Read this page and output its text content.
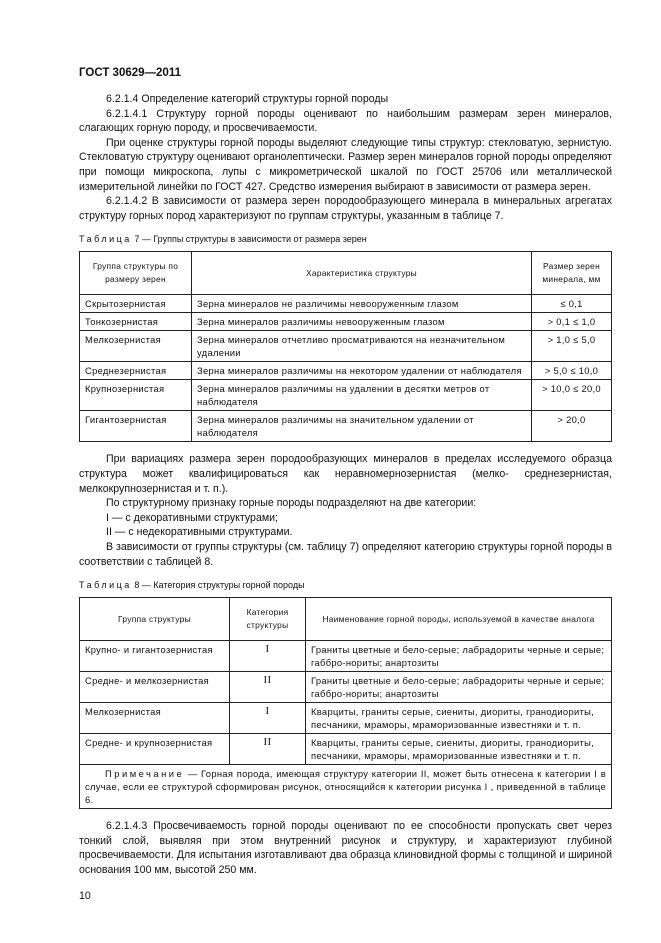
ГОСТ 30629—2011

6.2.1.4 Определение категорий структуры горной породы

6.2.1.4.1 Структуру горной породы оценивают по наибольшим размерам зерен минералов, слагающих горную породу, и просвечиваемости.

При оценке структуры горной породы выделяют следующие типы структур: стекловатую, зернистую. Стекловатую структуру оценивают органолептически. Размер зерен минералов горной породы определяют при помощи микроскопа, лупы с микрометрической шкалой по ГОСТ 25706 или металлической измерительной линейки по ГОСТ 427. Средство измерения выбирают в зависимости от размера зерен.

6.2.1.4.2 В зависимости от размера зерен породообразующего минерала в минеральных агрегатах структуру горных пород характеризуют по группам структуры, указанным в таблице 7.

Таблица 7 — Группы структуры в зависимости от размера зерен
Группа структуры по размеру зерен	Характеристика структуры	Размер зерен минерала, мм
Скрытозернистая	Зерна минералов не различимы невооруженным глазом	≤ 0,1
Тонкозернистая	Зерна минералов различимы невооруженным глазом	> 0,1 ≤ 1,0
Мелкозернистая	Зерна минералов отчетливо просматриваются на незначительном удалении	> 1,0 ≤ 5,0
Среднезернистая	Зерна минералов различимы на некотором удалении от наблюдателя	> 5,0 ≤ 10,0
Крупнозернистая	Зерна минералов различимы на удалении в десятки метров от наблюдателя	> 10,0 ≤ 20,0
Гигантозернистая	Зерна минералов различимы на значительном удалении от наблюдателя	> 20,0

При вариациях размера зерен породообразующих минералов в пределах исследуемого образца структура может квалифицироваться как неравномернозернистая (мелко- среднезернистая, мелкокрупнозернистая и т. п.).

По структурному признаку горные породы подразделяют на две категории:

I — с декоративными структурами;

II — с недекоративными структурами.

В зависимости от группы структуры (см. таблицу 7) определяют категорию структуры горной породы в соответствии с таблицей 8.

Таблица 8 — Категория структуры горной породы
Группа структуры	Категория структуры	Наименование горной породы, используемой в качестве аналога
Крупно- и гигантозернистая	I	Граниты цветные и бело-серые; лабрадориты черные и серые; габбро-нориты; анартозиты
Средне- и мелкозернистая	II	Граниты цветные и бело-серые; лабрадориты черные и серые; габбро-нориты; анартозиты
Мелкозернистая	I	Кварциты, граниты серые, сиениты, диориты, гранодиориты, песчаники, мраморы, мраморизованные известняки и т. п.
Средне- и крупнозернистая	II	Кварциты, граниты серые, сиениты, диориты, гранодиориты, песчаники, мраморы, мраморизованные известняки и т. п.
Примечание — Горная порода, имеющая структуру категории II, может быть отнесена к категории I в случае, если ее структурой сформирован рисунок, относящийся к категории рисунка I , приведенной в таблице 6.		

6.2.1.4.3 Просвечиваемость горной породы оценивают по ее способности пропускать свет через тонкий слой, выявляя при этом внутренний рисунок и структуру, и характеризуют глубиной просвечиваемости. Для испытания изготавливают два образца клиновидной формы с толщиной и шириной основания 100 мм, высотой 250 мм.

10
